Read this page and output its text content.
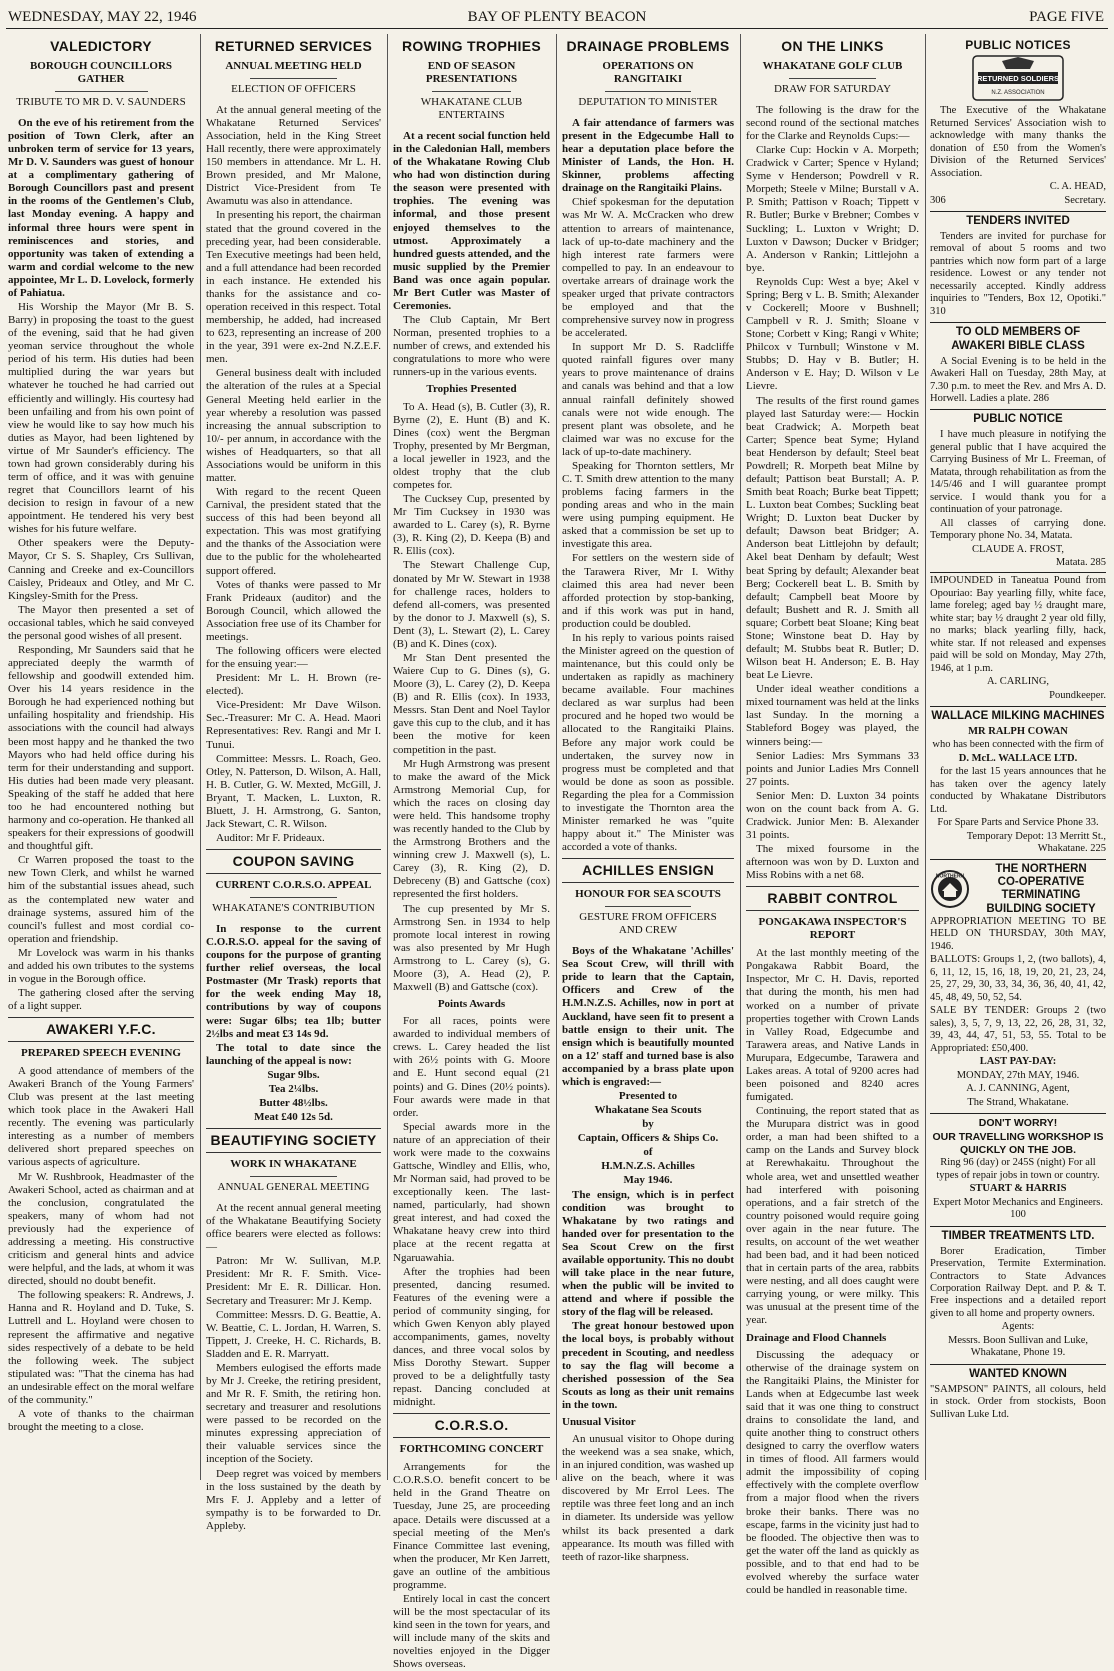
WEDNESDAY, MAY 22, 1946	BAY OF PLENTY BEACON	PAGE FIVE
VALEDICTORY
BOROUGH COUNCILLORS GATHER
TRIBUTE TO MR D. V. SAUNDERS

On the eve of his retirement from the position of Town Clerk, after an unbroken term of service for 13 years, Mr D. V. Saunders was guest of honour at a complimentary gathering of Borough Councillors past and present in the rooms of the Gentlemen's Club, last Monday evening. A happy and informal three hours were spent in reminiscences and stories, and opportunity was taken of extending a warm and cordial welcome to the new appointee, Mr L. D. Lovelock, formerly of Pahiatua.

His Worship the Mayor (Mr B. S. Barry) in proposing the toast to the guest of the evening, said that he had given yeoman service throughout the whole period of his term. His duties had been multiplied during the war years but whatever he touched he had carried out efficiently and willingly. His courtesy had been unfailing and from his own point of view he would like to say how much his duties as Mayor, had been lightened by virtue of Mr Saunder's efficiency. The town had grown considerably during his term of office, and it was with genuine regret that Councillors learnt of his decision to resign in favour of a new appointment. He tendered his very best wishes for his future welfare.

Other speakers were the Deputy-Mayor, Cr S. S. Shapley, Crs Sullivan, Canning and Creeke and ex-Councillors Caisley, Prideaux and Otley, and Mr C. Kingsley-Smith for the Press.

The Mayor then presented a set of occasional tables, which he said conveyed the personal good wishes of all present.

Responding, Mr Saunders said that he appreciated deeply the warmth of fellowship and goodwill extended him. Over his 14 years residence in the Borough he had experienced nothing but unfailing hospitality and friendship. His associations with the council had always been most happy and he thanked the two Mayors who had held office during his term for their understanding and support. His duties had been made very pleasant. Speaking of the staff he added that here too he had encountered nothing but harmony and co-operation. He thanked all speakers for their expressions of goodwill and thoughtful gift.

Cr Warren proposed the toast to the new Town Clerk, and whilst he warned him of the substantial issues ahead, such as the contemplated new water and drainage systems, assured him of the council's fullest and most cordial co-operation and friendship.

Mr Lovelock was warm in his thanks and added his own tributes to the systems in vogue in the Borough office.

The gathering closed after the serving of a light supper.

AWAKERI Y.F.C.
PREPARED SPEECH EVENING

A good attendance of members of the Awakeri Branch of the Young Farmers' Club was present at the last meeting which took place in the Awakeri Hall recently. The evening was particularly interesting as a number of members delivered short prepared speeches on various aspects of agriculture.

Mr W. Rushbrook, Headmaster of the Awakeri School, acted as chairman and at the conclusion, congratulated the speakers, many of whom had not previously had the experience of addressing a meeting. His constructive criticism and general hints and advice were helpful, and the lads, at whom it was directed, should no doubt benefit.

The following speakers: R. Andrews, J. Hanna and R. Hoyland and D. Tuke, S. Luttrell and L. Hoyland were chosen to represent the affirmative and negative sides respectively of a debate to be held the following week. The subject stipulated was: "That the cinema has had an undesirable effect on the moral welfare of the community."

A vote of thanks to the chairman brought the meeting to a close.

RETURNED SERVICES
ANNUAL MEETING HELD
ELECTION OF OFFICERS

At the annual general meeting of the Whakatane Returned Services' Association, held in the King Street Hall recently, there were approximately 150 members in attendance. Mr L. H. Brown presided, and Mr Malone, District Vice-President from Te Awamutu was also in attendance.

In presenting his report, the chairman stated that the ground covered in the preceding year, had been considerable. Ten Executive meetings had been held, and a full attendance had been recorded in each instance. He extended his thanks for the assistance and co-operation received in this respect. Total membership, he added, had increased to 623, representing an increase of 200 in the year, 391 were ex-2nd N.Z.E.F. men.

General business dealt with included the alteration of the rules at a Special General Meeting held earlier in the year whereby a resolution was passed increasing the annual subscription to 10/- per annum, in accordance with the wishes of Headquarters, so that all Associations would be uniform in this matter.

With regard to the recent Queen Carnival, the president stated that the success of this had been beyond all expectation. This was most gratifying and the thanks of the Association were due to the public for the wholehearted support offered.

Votes of thanks were passed to Mr Frank Prideaux (auditor) and the Borough Council, which allowed the Association free use of its Chamber for meetings.

The following officers were elected for the ensuing year:—

President: Mr L. H. Brown (re-elected).

Vice-President: Mr Dave Wilson. Sec.-Treasurer: Mr C. A. Head. Maori Representatives: Rev. Rangi and Mr I. Tunui.

Committee: Messrs. L. Roach, Geo. Otley, N. Patterson, D. Wilson, A. Hall, H. B. Cutler, G. W. Mexted, McGill, J. Bryant, T. Macken, L. Luxton, R. Bluett, J. H. Armstrong, G. Santon, Jack Stewart, C. R. Wilson.

Auditor: Mr F. Prideaux.

COUPON SAVING
CURRENT C.O.R.S.O. APPEAL
WHAKATANE'S CONTRIBUTION

In response to the current C.O.R.S.O. appeal for the saving of coupons for the purpose of granting further relief overseas, the local Postmaster (Mr Trask) reports that for the week ending May 18, contributions by way of coupons were: Sugar 6lbs; tea 1lb; butter 2½lbs and meat £3 14s 9d.

The total to date since the launching of the appeal is now:

Sugar 9lbs.

Tea 2¼lbs.

Butter 48½lbs.

Meat £40 12s 5d.

BEAUTIFYING SOCIETY
WORK IN WHAKATANE
ANNUAL GENERAL MEETING

At the recent annual general meeting of the Whakatane Beautifying Society office bearers were elected as follows:—

Patron: Mr W. Sullivan, M.P. President: Mr R. F. Smith. Vice-President: Mr E. R. Dillicar. Hon. Secretary and Treasurer: Mr J. Kemp.

Committee: Messrs. D. G. Beattie, A. W. Beattie, C. L. Jordan, H. Warren, S. Tippett, J. Creeke, H. C. Richards, B. Sladden and E. R. Marryatt.

Members eulogised the efforts made by Mr J. Creeke, the retiring president, and Mr R. F. Smith, the retiring hon. secretary and treasurer and resolutions were passed to be recorded on the minutes expressing appreciation of their valuable services since the inception of the Society.

Deep regret was voiced by members in the loss sustained by the death by Mrs F. J. Appleby and a letter of sympathy is to be forwarded to Dr. Appleby.

ROWING TROPHIES
END OF SEASON PRESENTATIONS
WHAKATANE CLUB ENTERTAINS

At a recent social function held in the Caledonian Hall, members of the Whakatane Rowing Club who had won distinction during the season were presented with trophies. The evening was informal, and those present enjoyed themselves to the utmost. Approximately a hundred guests attended, and the music supplied by the Premier Band was once again popular. Mr Bert Cutler was Master of Ceremonies.

The Club Captain, Mr Bert Norman, presented trophies to a number of crews, and extended his congratulations to more who were runners-up in the various events.

Trophies Presented

To A. Head (s), B. Cutler (3), R. Byrne (2), E. Hunt (B) and K. Dines (cox) went the Bergman Trophy, presented by Mr Bergman, a local jeweller in 1923, and the oldest trophy that the club competes for.

The Cucksey Cup, presented by Mr Tim Cucksey in 1930 was awarded to L. Carey (s), R. Byrne (3), R. King (2), D. Keepa (B) and R. Ellis (cox).

The Stewart Challenge Cup, donated by Mr W. Stewart in 1938 for challenge races, holders to defend all-comers, was presented by the donor to J. Maxwell (s), S. Dent (3), L. Stewart (2), L. Carey (B) and K. Dines (cox).

Mr Stan Dent presented the Waiere Cup to G. Dines (s), G. Moore (3), L. Carey (2), D. Keepa (B) and R. Ellis (cox). In 1933, Messrs. Stan Dent and Noel Taylor gave this cup to the club, and it has been the motive for keen competition in the past.

Mr Hugh Armstrong was present to make the award of the Mick Armstrong Memorial Cup, for which the races on closing day were held. This handsome trophy was recently handed to the Club by the Armstrong Brothers and the winning crew J. Maxwell (s), L. Carey (3), R. King (2), D. Debreceny (B) and Gattsche (cox) represented the first holders.

The cup presented by Mr S. Armstrong Sen. in 1934 to help promote local interest in rowing was also presented by Mr Hugh Armstrong to L. Carey (s), G. Moore (3), A. Head (2), P. Maxwell (B) and Gattsche (cox).

Points Awards

For all races, points were awarded to individual members of crews. L. Carey headed the list with 26½ points with G. Moore and E. Hunt second equal (21 points) and G. Dines (20½ points). Four awards were made in that order.

Special awards more in the nature of an appreciation of their work were made to the coxwains Gattsche, Windley and Ellis, who, Mr Norman said, had proved to be exceptionally keen. The last-named, particularly, had shown great interest, and had coxed the Whakatane heavy crew into third place at the recent regatta at Ngaruawahia.

After the trophies had been presented, dancing resumed. Features of the evening were a period of community singing, for which Gwen Kenyon ably played accompaniments, games, novelty dances, and three vocal solos by Miss Dorothy Stewart. Supper proved to be a delightfully tasty repast. Dancing concluded at midnight.

C.O.R.S.O.
FORTHCOMING CONCERT

Arrangements for the C.O.R.S.O. benefit concert to be held in the Grand Theatre on Tuesday, June 25, are proceeding apace. Details were discussed at a special meeting of the Men's Finance Committee last evening, when the producer, Mr Ken Jarrett, gave an outline of the ambitious programme.

Entirely local in cast the concert will be the most spectacular of its kind seen in the town for years, and will include many of the skits and novelties enjoyed in the Digger Shows overseas.

DRAINAGE PROBLEMS
OPERATIONS ON RANGITAIKI
DEPUTATION TO MINISTER

A fair attendance of farmers was present in the Edgecumbe Hall to hear a deputation place before the Minister of Lands, the Hon. H. Skinner, problems affecting drainage on the Rangitaiki Plains.

Chief spokesman for the deputation was Mr W. A. McCracken who drew attention to arrears of maintenance, lack of up-to-date machinery and the high interest rate farmers were compelled to pay. In an endeavour to overtake arrears of drainage work the speaker urged that private contractors be employed and that the comprehensive survey now in progress be accelerated.

In support Mr D. S. Radcliffe quoted rainfall figures over many years to prove maintenance of drains and canals was behind and that a low annual rainfall definitely showed canals were not wide enough. The present plant was obsolete, and he claimed war was no excuse for the lack of up-to-date machinery.

Speaking for Thornton settlers, Mr C. T. Smith drew attention to the many problems facing farmers in the ponding areas and who in the main were using pumping equipment. He asked that a commission be set up to investigate this area.

For settlers on the western side of the Tarawera River, Mr I. Withy claimed this area had never been afforded protection by stop-banking, and if this work was put in hand, production could be doubled.

In his reply to various points raised the Minister agreed on the question of maintenance, but this could only be undertaken as rapidly as machinery became available. Four machines declared as war surplus had been procured and he hoped two would be allocated to the Rangitaiki Plains. Before any major work could be undertaken, the survey now in progress must be completed and that would be done as soon as possible. Regarding the plea for a Commission to investigate the Thornton area the Minister remarked he was "quite happy about it." The Minister was accorded a vote of thanks.

ACHILLES ENSIGN
HONOUR FOR SEA SCOUTS
GESTURE FROM OFFICERS AND CREW

Boys of the Whakatane 'Achilles' Sea Scout Crew, will thrill with pride to learn that the Captain, Officers and Crew of the H.M.N.Z.S. Achilles, now in port at Auckland, have seen fit to present a battle ensign to their unit. The ensign which is beautifully mounted on a 12' staff and turned base is also accompanied by a brass plate upon which is engraved:—

Presented to

Whakatane Sea Scouts

by

Captain, Officers & Ships Co.

of

H.M.N.Z.S. Achilles

May 1946.

The ensign, which is in perfect condition was brought to Whakatane by two ratings and handed over for presentation to the Sea Scout Crew on the first available opportunity. This no doubt will take place in the near future, when the public will be invited to attend and where if possible the story of the flag will be released.

The great honour bestowed upon the local boys, is probably without precedent in Scouting, and needless to say the flag will become a cherished possession of the Sea Scouts as long as their unit remains in the town.

Unusual Visitor

An unusual visitor to Ohope during the weekend was a sea snake, which, in an injured condition, was washed up alive on the beach, where it was discovered by Mr Errol Lees. The reptile was three feet long and an inch in diameter. Its underside was yellow whilst its back presented a dark appearance. Its mouth was filled with teeth of razor-like sharpness.

ON THE LINKS
WHAKATANE GOLF CLUB
DRAW FOR SATURDAY

The following is the draw for the second round of the sectional matches for the Clarke and Reynolds Cups:—

Clarke Cup: Hockin v A. Morpeth; Cradwick v Carter; Spence v Hyland; Syme v Henderson; Powdrell v R. Morpeth; Steele v Milne; Burstall v A. P. Smith; Pattison v Roach; Tippett v R. Butler; Burke v Brebner; Combes v Suckling; L. Luxton v Wright; D. Luxton v Dawson; Ducker v Bridger; A. Anderson v Rankin; Littlejohn a bye.

Reynolds Cup: West a bye; Akel v Spring; Berg v L. B. Smith; Alexander v Cockerell; Moore v Bushnell; Campbell v R. J. Smith; Sloane v Stone; Corbett v King; Rangi v White; Philcox v Turnbull; Winstone v M. Stubbs; D. Hay v B. Butler; H. Anderson v E. Hay; D. Wilson v Le Lievre.

The results of the first round games played last Saturday were:— Hockin beat Cradwick; A. Morpeth beat Carter; Spence beat Syme; Hyland beat Henderson by default; Steel beat Powdrell; R. Morpeth beat Milne by default; Pattison beat Burstall; A. P. Smith beat Roach; Burke beat Tippett; L. Luxton beat Combes; Suckling beat Wright; D. Luxton beat Ducker by default; Dawson beat Bridger; A. Anderson beat Littlejohn by default; Akel beat Denham by default; West beat Spring by default; Alexander beat Berg; Cockerell beat L. B. Smith by default; Campbell beat Moore by default; Bushett and R. J. Smith all square; Corbett beat Sloane; King beat Stone; Winstone beat D. Hay by default; M. Stubbs beat R. Butler; D. Wilson beat H. Anderson; E. B. Hay beat Le Lievre.

Under ideal weather conditions a mixed tournament was held at the links last Sunday. In the morning a Stableford Bogey was played, the winners being:—

Senior Ladies: Mrs Symmans 33 points and Junior Ladies Mrs Connell 27 points.

Senior Men: D. Luxton 34 points won on the count back from A. G. Cradwick. Junior Men: B. Alexander 31 points.

The mixed foursome in the afternoon was won by D. Luxton and Miss Robins with a net 68.

RABBIT CONTROL
PONGAKAWA INSPECTOR'S REPORT

At the last monthly meeting of the Pongakawa Rabbit Board, the Inspector, Mr C. H. Davis, reported that during the month, his men had worked on a number of private properties together with Crown Lands in Valley Road, Edgecumbe and Tarawera areas, and Native Lands in Murupara, Edgecumbe, Tarawera and Lakes areas. A total of 9200 acres had been poisoned and 8240 acres fumigated.

Continuing, the report stated that as the Murupara district was in good order, a man had been shifted to a camp on the Lands and Survey block at Rerewhakaitu. Throughout the whole area, wet and unsettled weather had interfered with poisoning operations, and a fair stretch of the country poisoned would require going over again in the near future. The results, on account of the wet weather had been bad, and it had been noticed that in certain parts of the area, rabbits were nesting, and all does caught were carrying young, or were milky. This was unusual at the present time of the year.

Drainage and Flood Channels

Discussing the adequacy or otherwise of the drainage system on the Rangitaiki Plains, the Minister for Lands when at Edgecumbe last week said that it was one thing to construct drains to consolidate the land, and quite another thing to construct others designed to carry the overflow waters in times of flood. All farmers would admit the impossibility of coping effectively with the complete overflow from a major flood when the rivers broke their banks. There was no escape, farms in the vicinity just had to be flooded. The objective then was to get the water off the land as quickly as possible, and to that end had to be evolved whereby the surface water could be handled in reasonable time.

PUBLIC NOTICES
RETURNED SOLDIERS
N.Z. ASSOCIATION

The Executive of the Whakatane Returned Services' Association wish to acknowledge with many thanks the donation of £50 from the Women's Division of the Returned Services' Association.

C. A. HEAD,

306	Secretary.
TENDERS INVITED

Tenders are invited for purchase for removal of about 5 rooms and two pantries which now form part of a large residence. Lowest or any tender not necessarily accepted. Kindly address inquiries to "Tenders, Box 12, Opotiki." 310

TO OLD MEMBERS OF AWAKERI BIBLE CLASS

A Social Evening is to be held in the Awakeri Hall on Tuesday, 28th May, at 7.30 p.m. to meet the Rev. and Mrs A. D. Horwell. Ladies a plate. 286

PUBLIC NOTICE

I have much pleasure in notifying the general public that I have acquired the Carrying Business of Mr L. Freeman, of Matata, through rehabilitation as from the 14/5/46 and I will guarantee prompt service. I would thank you for a continuation of your patronage.

All classes of carrying done. Temporary phone No. 34, Matata.

CLAUDE A. FROST,

Matata. 285

IMPOUNDED in Taneatua Pound from Opouriao: Bay yearling filly, white face, lame foreleg; aged bay ½ draught mare, white star; bay ½ draught 2 year old filly, no marks; black yearling filly, hack, white star. If not released and expenses paid will be sold on Monday, May 27th, 1946, at 1 p.m.

A. CARLING,

Poundkeeper.

WALLACE MILKING MACHINES

MR RALPH COWAN

who has been connected with the firm of

D. McL. WALLACE LTD.

for the last 15 years announces that he has taken over the agency lately conducted by Whakatane Distributors Ltd.

For Spare Parts and Service Phone 33.

Temporary Depot: 13 Merritt St., Whakatane. 225

NORTHERN
THE NORTHERN
CO-OPERATIVE
TERMINATING
BUILDING SOCIETY

APPROPRIATION MEETING TO BE HELD ON THURSDAY, 30th MAY, 1946.

BALLOTS: Groups 1, 2, (two ballots), 4, 6, 11, 12, 15, 16, 18, 19, 20, 21, 23, 24, 25, 27, 29, 30, 33, 34, 36, 36, 40, 41, 42, 45, 48, 49, 50, 52, 54.

SALE BY TENDER: Groups 2 (two sales), 3, 5, 7, 9, 13, 22, 26, 28, 31, 32, 39, 43, 44, 47, 51, 53, 55. Total to be Appropriated: £50,400.

LAST PAY-DAY:

MONDAY, 27th MAY, 1946.

A. J. CANNING, Agent,

The Strand, Whakatane.

DON'T WORRY!

OUR TRAVELLING WORKSHOP IS QUICKLY ON THE JOB.

Ring 96 (day) or 245S (night) For all types of repair jobs in town or country.

STUART & HARRIS

Expert Motor Mechanics and Engineers. 100

TIMBER TREATMENTS LTD.

Borer Eradication, Timber Preservation, Termite Extermination. Contractors to State Advances Corporation Railway Dept. and P. & T. Free inspections and a detailed report given to all home and property owners.

Agents:

Messrs. Boon Sullivan and Luke, Whakatane, Phone 19.

WANTED KNOWN

"SAMPSON" PAINTS, all colours, held in stock. Order from stockists, Boon Sullivan Luke Ltd.
